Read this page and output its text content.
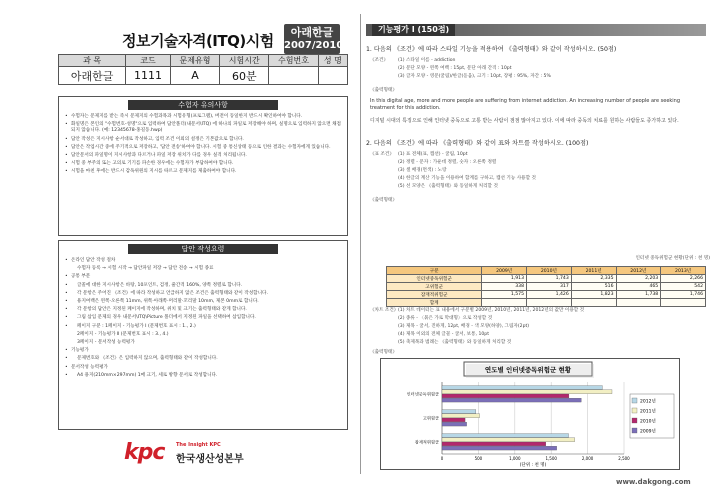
정보기술자격(ITQ)시험	아래한글
2007/2010
과 목	코드	문제유형	시험시간	수험번호	성 명
아래한글	1111	A	60분		
수험자 유의사항
• 수험자는 문제지를 받는 즉시 문제지의 수험과목과 시험유형(프로그램), 버전이 동일한지 반드시 확인하여야 합니다.
• 화일명은 본인의 "수험번호-성명"으로 입력하여 답안폴더(내문서\ITQ) 에 하나의 파일로 저장해야 하며, 실명으로 입력하지 않으면 채점되지 않습니다. (예: 12345678-홍길동.hwp)
• 답안 작성은 지시사항 순서대로 작성하고, 입력 조건 이외의 설정은 기본값으로 합니다.
• 답안은 작업시간 중에 주기적으로 저장하고, '답안 전송'하여야 합니다. 시험 중 통신상태 등으로 인한 결과는 수험자에게 있습니다.
• 답안문서의 파일명이 지시사항과 다르거나 파일 저장 위치가 다를 경우 실격 처리됩니다.
• 시험 중 부주의 또는 고의로 기기를 파손한 경우에는 수험자가 부담하여야 합니다.
• 시험을 마친 후에는 반드시 감독위원의 지시를 따르고 문제지를 제출하여야 합니다.
답안 작성요령
• 온라인 답안 작성 절차
수험자 등록 → 시험 시작 → 답안파일 저장 → 답안 전송 → 시험 종료
• 공통 부문
• 글꼴에 대한 지시사항은 바탕, 10포인트, 검정, 줄간격 160%, 양쪽 정렬로 합니다.
• 각 문항은 주어진 《조건》에 따라 작성하고 언급하지 않은 조건은 출력형태와 같이 작성합니다.
• 용지여백은 왼쪽·오른쪽 11mm, 위쪽·아래쪽·머리말·꼬리말 10mm, 제본 0mm로 합니다.
• 각 문항의 답안은 지정된 페이지에 작성하며, 위치 및 크기는 출력형태와 같게 합니다.
• 그림 삽입 문제의 경우 내문서\ITQ\Picture 폴더에서 지정된 파일을 선택하여 삽입합니다.
• 페이지 구분 : 1페이지 - 기능평가 Ⅰ (문제번호 표시 : 1., 2.)
2페이지 - 기능평가 Ⅱ (문제번호 표시 : 3., 4.)
3페이지 - 문서작성 능력평가
• 기능평가
• 문제번호와 《조건》은 입력하지 않으며, 출력형태와 같이 작성합니다.
• 문서작성 능력평가
• A4 용지(210mm×297mm) 1매 크기, 세로 방향 문서로 작성합니다.
kpc The Insight KPC
한국생산성본부
기능평가 Ⅰ (150점)
1. 다음의 《조건》에 따라 스타일 기능을 적용하여 《출력형태》와 같이 작성하시오. (50점)
《조건》	(1) 스타일 이름 - addiction
(2) 문단 모양 - 왼쪽 여백 : 15pt, 문단 아래 간격 : 10pt
(3) 글자 모양 - 영문(굴림)/한글(돋움), 크기 : 10pt, 장평 : 95%, 자간 : 5%
《출력형태》
In this digital age, more and more people are suffering from internet addiction. An increasing number of people are seeking treatment for this addiction.
디지털 시대의 특징으로 인해 인터넷 중독으로 고통 받는 사람이 점점 많아지고 있다. 이에 따라 중독의 치료를 원하는 사람들도 증가하고 있다.
2. 다음의 《조건》에 따라 《출력형태》와 같이 표와 차트를 작성하시오. (100점)
《표 조건》 (1) 표 전체(표, 캡션) - 굴림, 10pt
(2) 정렬 - 문자 : 가운데 정렬, 숫자 : 오른쪽 정렬
(3) 셀 배경(면색) : 노랑
(4) 한글의 계산 기능을 이용하여 합계를 구하고, 캡션 기능 사용할 것
(5) 선 모양은 《출력형태》와 동일하게 처리할 것
《출력형태》
인터넷 중독위험군 현황(단위 : 천 명)
구분	2009년	2010년	2011년	2012년	2013년
인터넷중독위험군	1,913	1,743	2,335	2,203	2,266
고위험군	338	317	516	465	542
잠재적위험군	1,575	1,426	1,823	1,738	1,746
합계					
《차트 조건》 (1) 차트 데이터는 표 내용에서 구분별 2009년, 2010년, 2011년, 2012년의 값만 이용할 것
(2) 종류 - 〈묶은 가로 막대형〉으로 작성할 것
(3) 제목 - 굴서, 진하게, 12pt, 배경 - 색 모양(하양), 그림자(2pt)
(4) 제목 이외의 전체 글꼴 - 굴서, 보통, 10pt
(5) 축제목과 범례는 《출력형태》와 동일하게 처리할 것
《출력형태》
연도별 인터넷중독위험군 현황
0	500	1,000	1,500	2,000	2,500
인터넷중독위험군
고위험군
잠재적위험군
2012년
2011년
2010년
2009년
(단위 : 천 명)
www.dakgong.com
